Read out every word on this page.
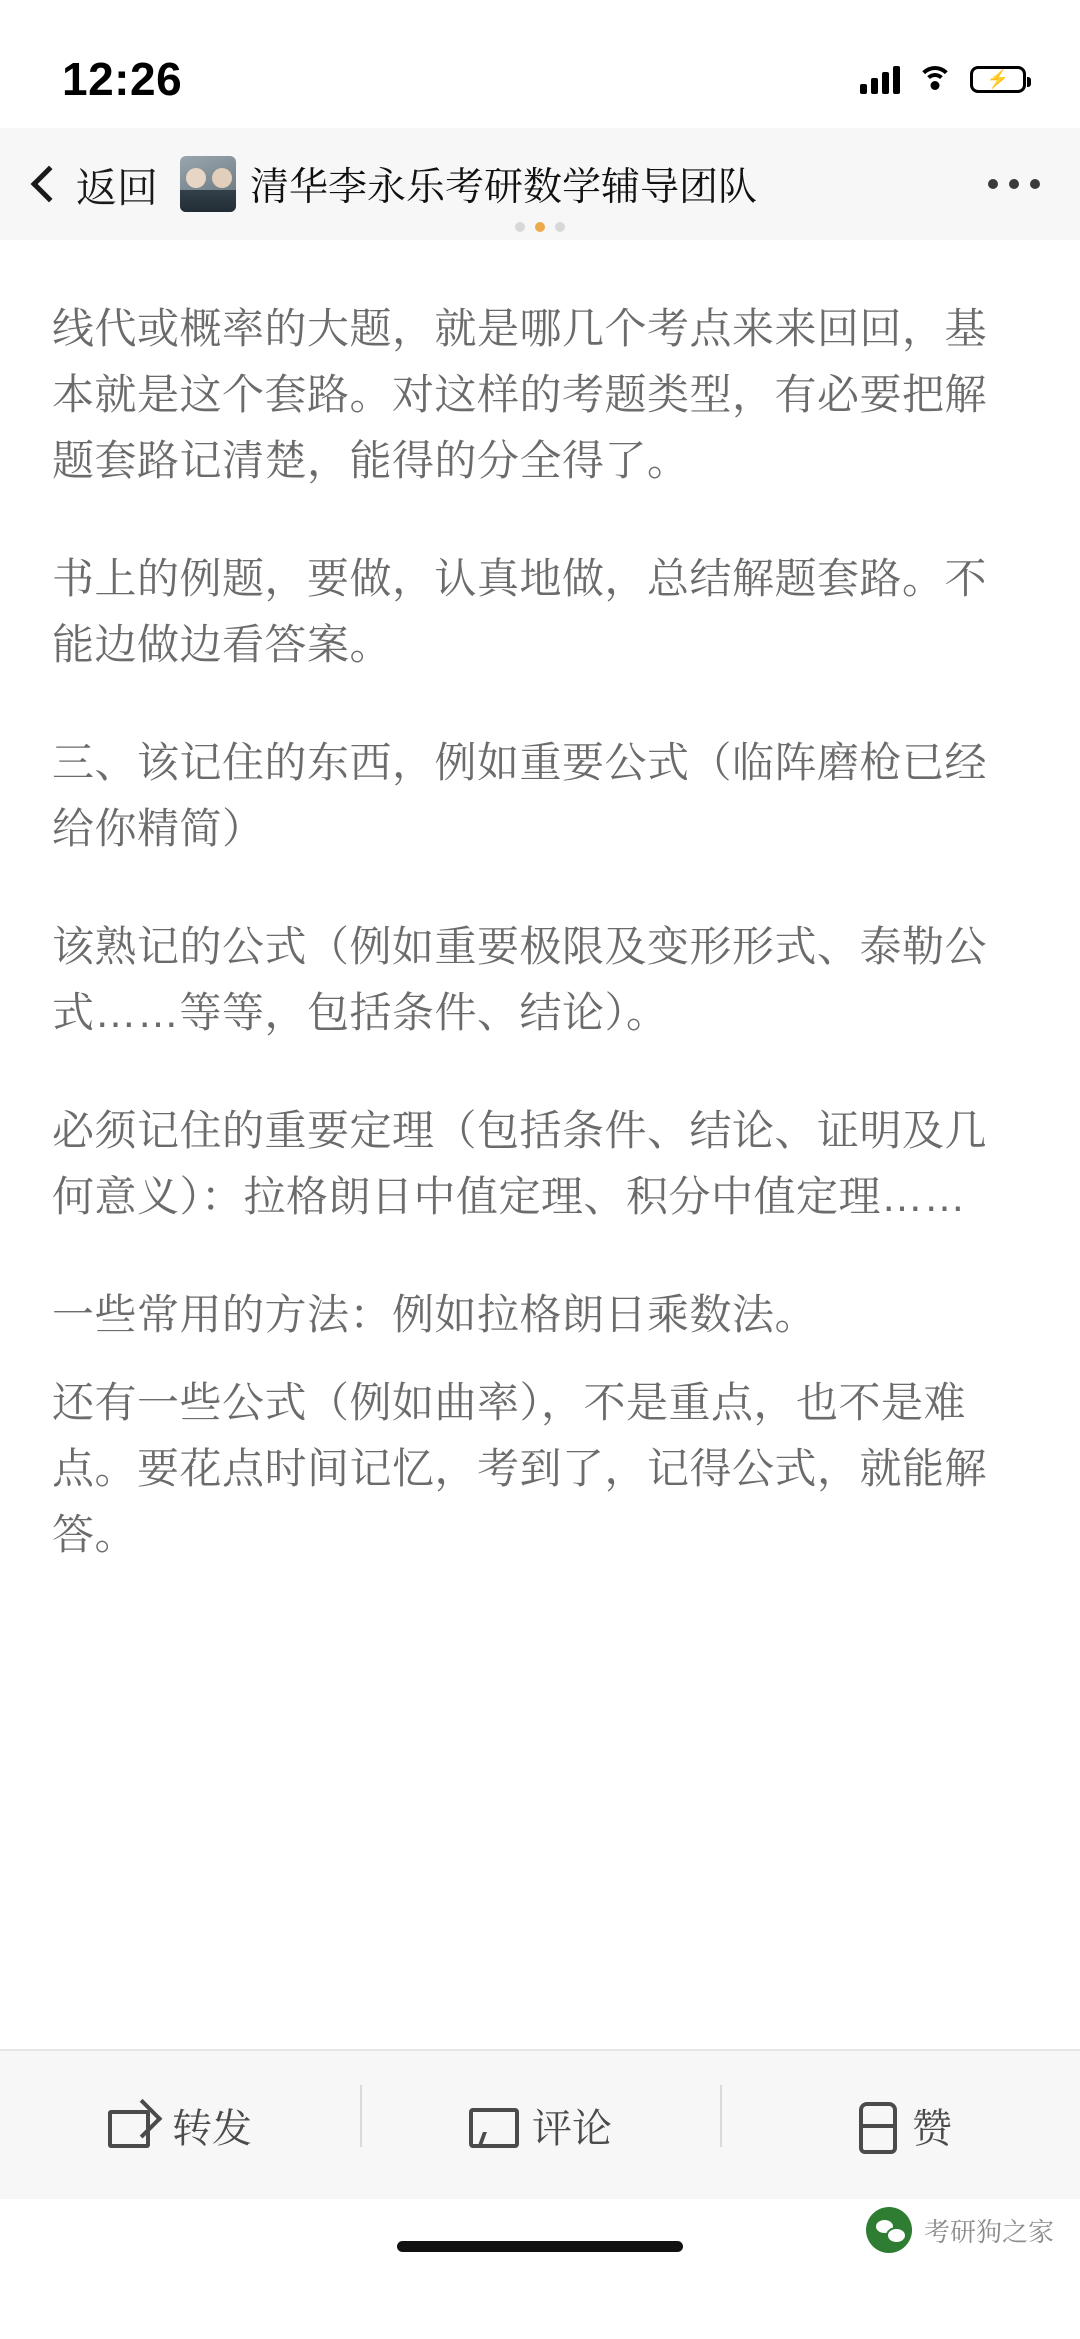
12:26	⚡
返回 清华李永乐考研数学辅导团队

线代或概率的大题，就是哪几个考点来来回回，基本就是这个套路。对这样的考题类型，有必要把解题套路记清楚，能得的分全得了。

书上的例题，要做，认真地做，总结解题套路。不能边做边看答案。

三、该记住的东西，例如重要公式（临阵磨枪已经给你精简）

该熟记的公式（例如重要极限及变形形式、泰勒公式……等等，包括条件、结论）。

必须记住的重要定理（包括条件、结论、证明及几何意义）：拉格朗日中值定理、积分中值定理……

一些常用的方法：例如拉格朗日乘数法。

还有一些公式（例如曲率），不是重点，也不是难点。要花点时间记忆，考到了，记得公式，就能解答。

转发	评论	赞
考研狗之家
